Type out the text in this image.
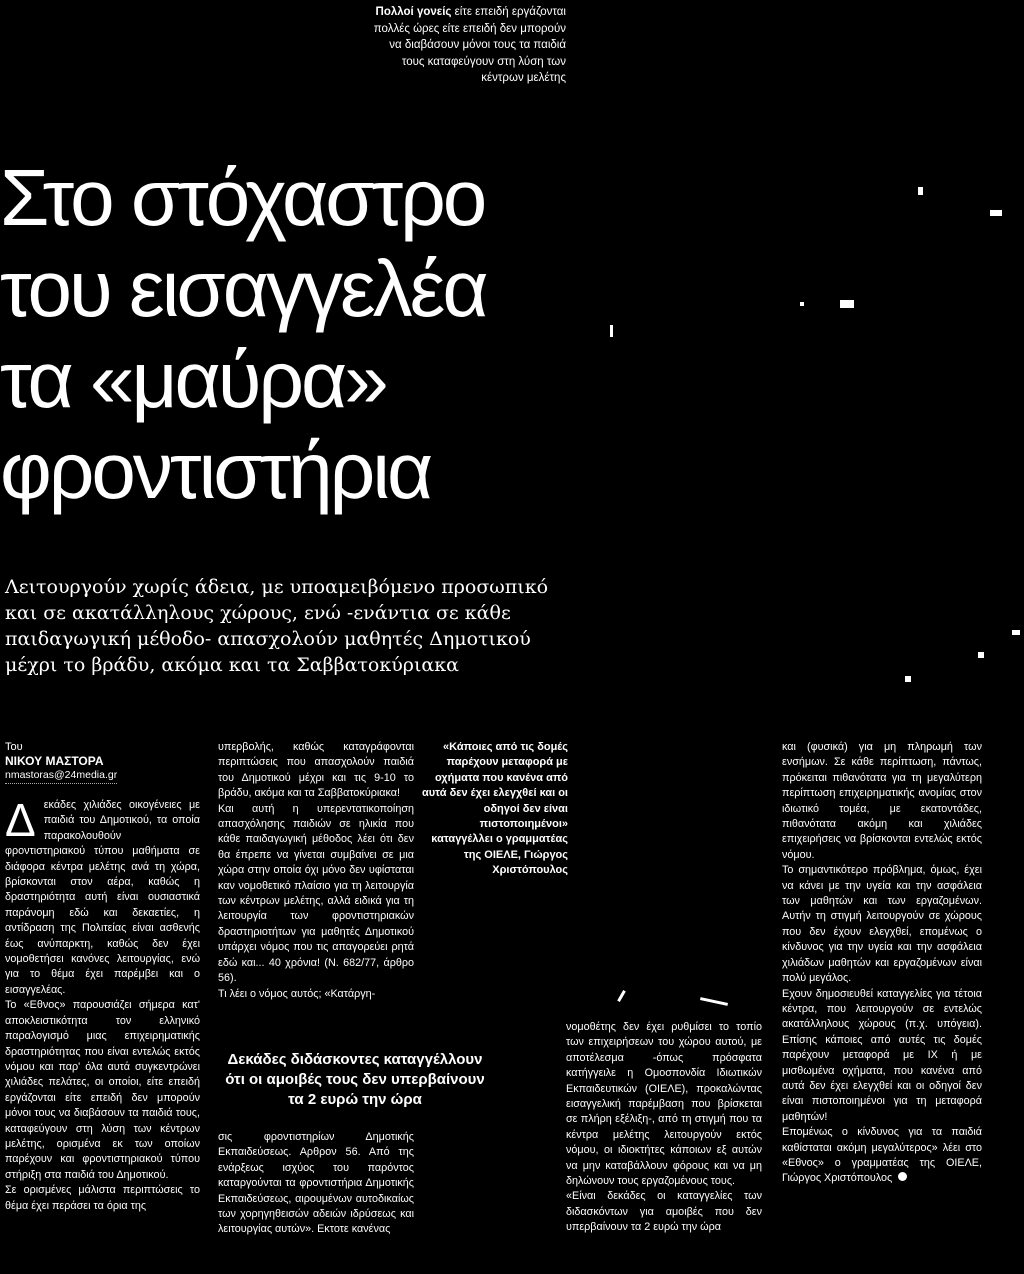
Πολλοί γονείς είτε επειδή εργάζονται πολλές ώρες είτε επειδή δεν μπορούν να διαβάσουν μόνοι τους τα παιδιά τους καταφεύγουν στη λύση των κέντρων μελέτης
Στο στόχαστρο
του εισαγγελέα
τα «μαύρα»
φροντιστήρια
Λειτουργούν χωρίς άδεια, με υποαμειβόμενο προσωπικό και σε ακατάλληλους χώρους, ενώ -ενάντια σε κάθε παιδαγωγική μέθοδο- απασχολούν μαθητές Δημοτικού μέχρι το βράδυ, ακόμα και τα Σαββατοκύριακα
Του
ΝΙΚΟΥ ΜΑΣΤΟΡΑ
nmastoras@24media.gr

Δεκάδες χιλιάδες οικογένειες με παιδιά του Δημοτικού, τα οποία παρακολουθούν φροντιστηριακού τύπου μαθήματα σε διάφορα κέντρα μελέτης ανά τη χώρα, βρίσκονται στον αέρα, καθώς η δραστηριότητα αυτή είναι ουσιαστικά παράνομη εδώ και δεκαετίες, η αντίδραση της Πολιτείας είναι ασθενής έως ανύπαρκτη, καθώς δεν έχει νομοθετήσει κανόνες λειτουργίας, ενώ για το θέμα έχει παρέμβει και ο εισαγγελέας.

Το «Εθνος» παρουσιάζει σήμερα κατ' αποκλειστικότητα τον ελληνικό παραλογισμό μιας επιχειρηματικής δραστηριότητας που είναι εντελώς εκτός νόμου και παρ' όλα αυτά συγκεντρώνει χιλιάδες πελάτες, οι οποίοι, είτε επειδή εργάζονται είτε επειδή δεν μπορούν μόνοι τους να διαβάσουν τα παιδιά τους, καταφεύγουν στη λύση των κέντρων μελέτης, ορισμένα εκ των οποίων παρέχουν και φροντιστηριακού τύπου στήριξη στα παιδιά του Δημοτικού.

Σε ορισμένες μάλιστα περιπτώσεις το θέμα έχει περάσει τα όρια της

υπερβολής, καθώς καταγράφονται περιπτώσεις που απασχολούν παιδιά του Δημοτικού μέχρι και τις 9-10 το βράδυ, ακόμα και τα Σαββατοκύριακα!

Και αυτή η υπερεντατικοποίηση απασχόλησης παιδιών σε ηλικία που κάθε παιδαγωγική μέθοδος λέει ότι δεν θα έπρεπε να γίνεται συμβαίνει σε μια χώρα στην οποία όχι μόνο δεν υφίσταται καν νομοθετικό πλαίσιο για τη λειτουργία των κέντρων μελέτης, αλλά ειδικά για τη λειτουργία των φροντιστηριακών δραστηριοτήτων για μαθητές Δημοτικού υπάρχει νόμος που τις απαγορεύει ρητά εδώ και... 40 χρόνια! (Ν. 682/77, άρθρο 56).

Τι λέει ο νόμος αυτός; «Κατάργη-

σις φροντιστηρίων Δημοτικής Εκπαιδεύσεως. Αρθρον 56. Από της ενάρξεως ισχύος του παρόντος καταργούνται τα φροντιστήρια Δημοτικής Εκπαιδεύσεως, αιρουμένων αυτοδικαίως των χορηγηθεισών αδειών ιδρύσεως και λειτουργίας αυτών». Εκτοτε κανένας

«Κάποιες από τις δομές παρέχουν μεταφορά με οχήματα που κανένα από αυτά δεν έχει ελεγχθεί και οι οδηγοί δεν είναι πιστοποιημένοι» καταγγέλλει ο γραμματέας της ΟΙΕΛΕ, Γιώργος Χριστόπουλος
Δεκάδες διδάσκοντες καταγγέλλουν ότι οι αμοιβές τους δεν υπερβαίνουν τα 2 ευρώ την ώρα

νομοθέτης δεν έχει ρυθμίσει το τοπίο των επιχειρήσεων του χώρου αυτού, με αποτέλεσμα -όπως πρόσφατα κατήγγειλε η Ομοσπονδία Ιδιωτικών Εκπαιδευτικών (ΟΙΕΛΕ), προκαλώντας εισαγγελική παρέμβαση που βρίσκεται σε πλήρη εξέλιξη-, από τη στιγμή που τα κέντρα μελέτης λειτουργούν εκτός νόμου, οι ιδιοκτήτες κάποιων εξ αυτών να μην καταβάλλουν φόρους και να μη δηλώνουν τους εργαζομένους τους.

«Είναι δεκάδες οι καταγγελίες των διδασκόντων για αμοιβές που δεν υπερβαίνουν τα 2 ευρώ την ώρα

και (φυσικά) για μη πληρωμή των ενσήμων. Σε κάθε περίπτωση, πάντως, πρόκειται πιθανότατα για τη μεγαλύτερη περίπτωση επιχειρηματικής ανομίας στον ιδιωτικό τομέα, με εκατοντάδες, πιθανότατα ακόμη και χιλιάδες επιχειρήσεις να βρίσκονται εντελώς εκτός νόμου.

Το σημαντικότερο πρόβλημα, όμως, έχει να κάνει με την υγεία και την ασφάλεια των μαθητών και των εργαζομένων. Αυτήν τη στιγμή λειτουργούν σε χώρους που δεν έχουν ελεγχθεί, επομένως ο κίνδυνος για την υγεία και την ασφάλεια χιλιάδων μαθητών και εργαζομένων είναι πολύ μεγάλος.

Εχουν δημοσιευθεί καταγγελίες για τέτοια κέντρα, που λειτουργούν σε εντελώς ακατάλληλους χώρους (π.χ. υπόγεια). Επίσης κάποιες από αυτές τις δομές παρέχουν μεταφορά με ΙΧ ή με μισθωμένα οχήματα, που κανένα από αυτά δεν έχει ελεγχθεί και οι οδηγοί δεν είναι πιστοποιημένοι για τη μεταφορά μαθητών!

Επομένως ο κίνδυνος για τα παιδιά καθίσταται ακόμη μεγαλύτερος» λέει στο «Εθνος» ο γραμματέας της ΟΙΕΛΕ, Γιώργος Χριστόπουλος
